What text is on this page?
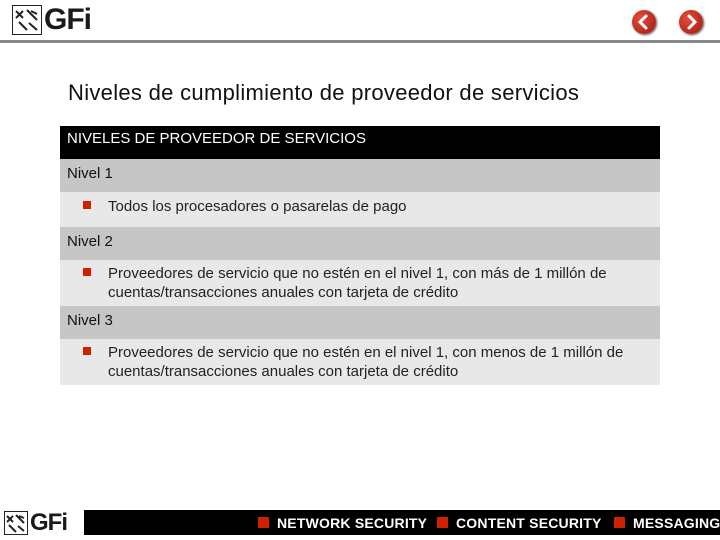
GFi
Niveles de cumplimiento de proveedor de servicios
NIVELES DE PROVEEDOR DE SERVICIOS
Nivel 1
Todos los procesadores o pasarelas de pago
Nivel 2
Proveedores de servicio que no estén en el nivel 1, con más de 1 millón de cuentas/transacciones anuales con tarjeta de crédito
Nivel 3
Proveedores de servicio que no estén en el nivel 1, con menos de 1 millón de cuentas/transacciones anuales con tarjeta de crédito
GFi	NETWORK SECURITY CONTENT SECURITY MESSAGING
